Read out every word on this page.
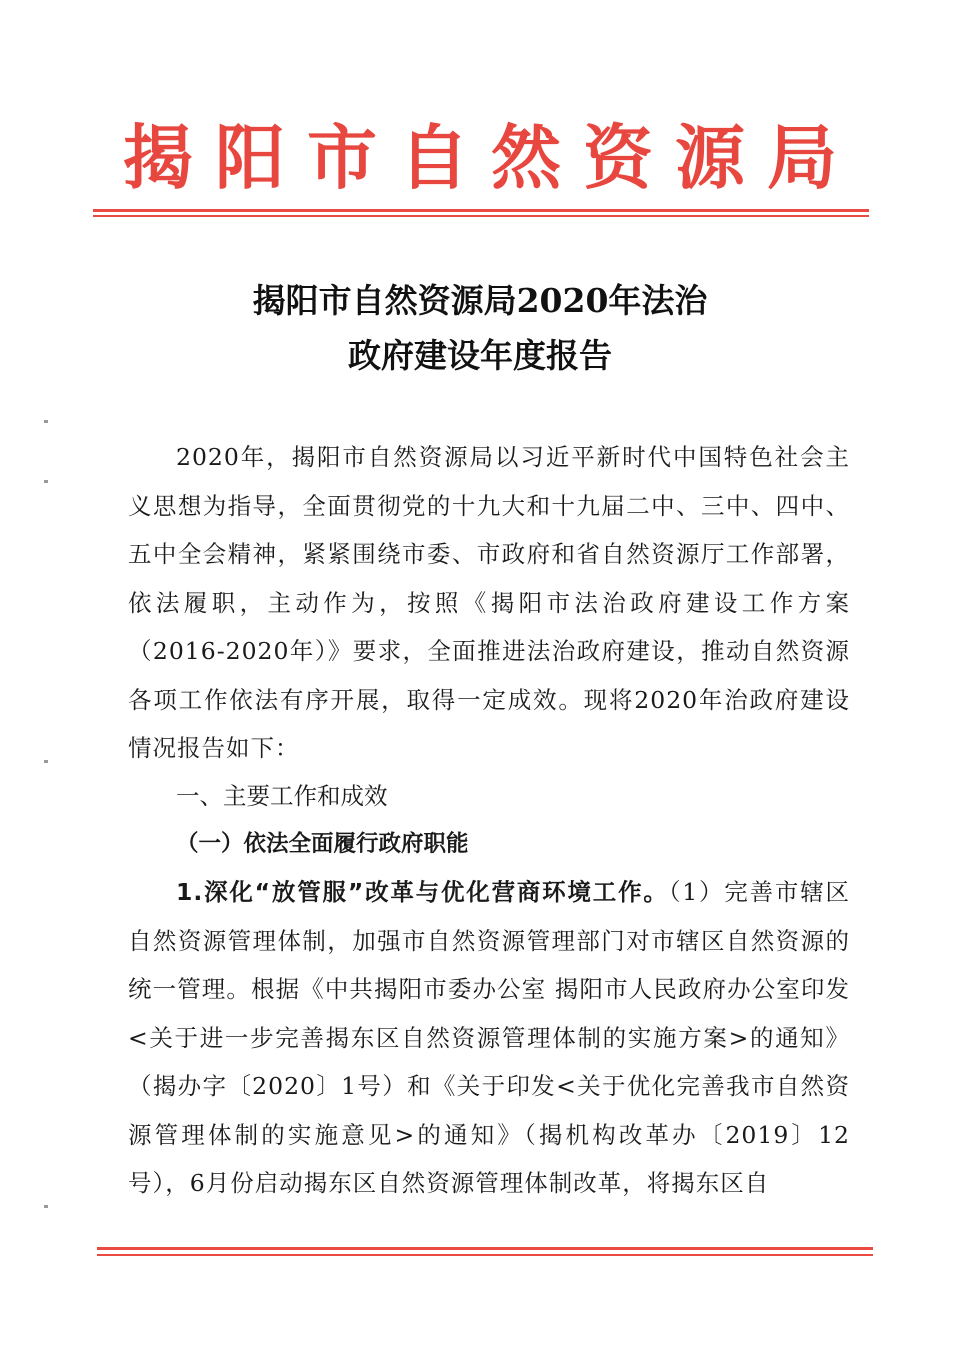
揭阳市自然资源局
揭阳市自然资源局2020年法治
政府建设年度报告

2020年，揭阳市自然资源局以习近平新时代中国特色社会主义思想为指导，全面贯彻党的十九大和十九届二中、三中、四中、五中全会精神，紧紧围绕市委、市政府和省自然资源厅工作部署，依法履职，主动作为，按照《揭阳市法治政府建设工作方案（2016-2020年）》要求，全面推进法治政府建设，推动自然资源各项工作依法有序开展，取得一定成效。现将2020年治政府建设情况报告如下：

一、主要工作和成效
（一）依法全面履行政府职能

1.深化“放管服”改革与优化营商环境工作。（1）完善市辖区自然资源管理体制，加强市自然资源管理部门对市辖区自然资源的统一管理。根据《中共揭阳市委办公室 揭阳市人民政府办公室印发<关于进一步完善揭东区自然资源管理体制的实施方案>的通知》（揭办字〔2020〕1号）和《关于印发<关于优化完善我市自然资源管理体制的实施意见>的通知》（揭机构改革办〔2019〕12号），6月份启动揭东区自然资源管理体制改革，将揭东区自
